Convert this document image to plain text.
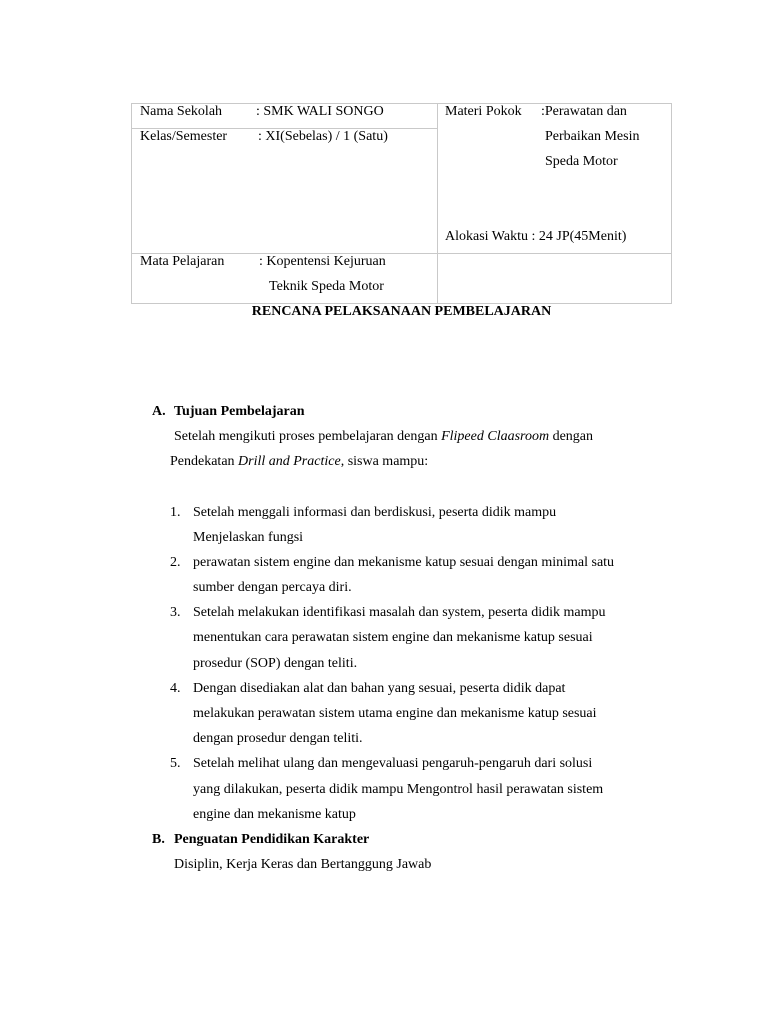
Nama Sekolah : SMK WALI SONGO
Kelas/Semester : XI(Sebelas) / 1 (Satu)
Mata Pelajaran : Kopentensi Kejuruan
Teknik Speda Motor
Materi Pokok :Perawatan dan
Perbaikan Mesin
Speda Motor
Alokasi Waktu : 24 JP(45Menit)
RENCANA PELAKSANAAN PEMBELAJARAN
A. Tujuan Pembelajaran
Setelah mengikuti proses pembelajaran dengan Flipeed Claasroom dengan
Pendekatan Drill and Practice, siswa mampu:
1. Setelah menggali informasi dan berdiskusi, peserta didik mampu
Menjelaskan fungsi
2. perawatan sistem engine dan mekanisme katup sesuai dengan minimal satu
sumber dengan percaya diri.
3. Setelah melakukan identifikasi masalah dan system, peserta didik mampu
menentukan cara perawatan sistem engine dan mekanisme katup sesuai
prosedur (SOP) dengan teliti.
4. Dengan disediakan alat dan bahan yang sesuai, peserta didik dapat
melakukan perawatan sistem utama engine dan mekanisme katup sesuai
dengan prosedur dengan teliti.
5. Setelah melihat ulang dan mengevaluasi pengaruh-pengaruh dari solusi
yang dilakukan, peserta didik mampu Mengontrol hasil perawatan sistem
engine dan mekanisme katup
B. Penguatan Pendidikan Karakter
Disiplin, Kerja Keras dan Bertanggung Jawab
